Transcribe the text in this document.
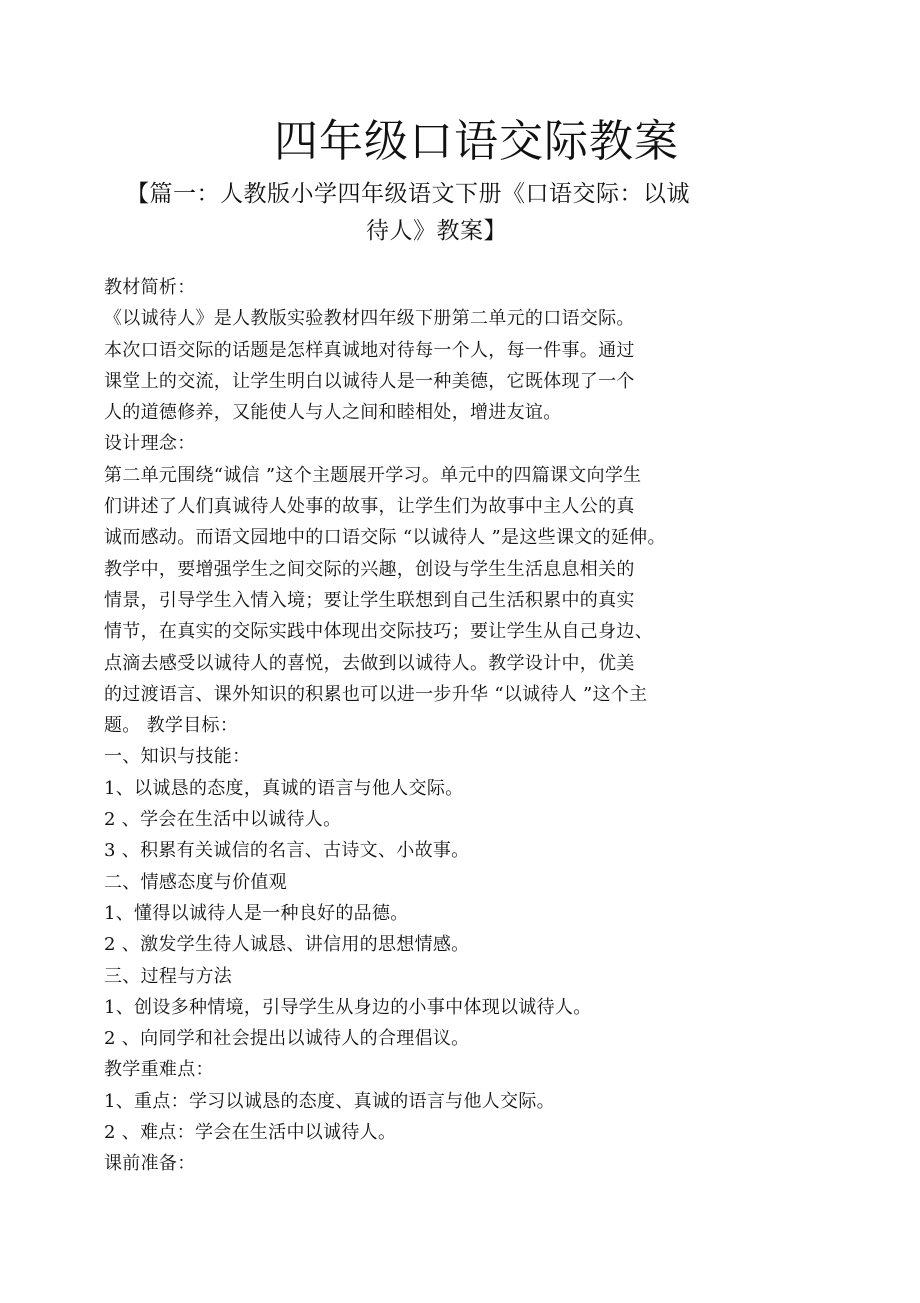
四年级口语交际教案
【篇一：人教版小学四年级语文下册《口语交际：以诚
待人》教案】
教材简析：
《以诚待人》是人教版实验教材四年级下册第二单元的口语交际。
本次口语交际的话题是怎样真诚地对待每一个人，每一件事。通过
课堂上的交流，让学生明白以诚待人是一种美德，它既体现了一个
人的道德修养，又能使人与人之间和睦相处，增进友谊。
设计理念：
第二单元围绕“诚信 ”这个主题展开学习。单元中的四篇课文向学生
们讲述了人们真诚待人处事的故事，让学生们为故事中主人公的真
诚而感动。而语文园地中的口语交际 “以诚待人 ”是这些课文的延伸。
教学中，要增强学生之间交际的兴趣，创设与学生生活息息相关的
情景，引导学生入情入境；要让学生联想到自己生活积累中的真实
情节，在真实的交际实践中体现出交际技巧；要让学生从自己身边、
点滴去感受以诚待人的喜悦，去做到以诚待人。教学设计中，优美
的过渡语言、课外知识的积累也可以进一步升华 “以诚待人 ”这个主
题。 教学目标：
一、知识与技能：
1、以诚恳的态度，真诚的语言与他人交际。
2 、学会在生活中以诚待人。
3 、积累有关诚信的名言、古诗文、小故事。
二、情感态度与价值观
1、懂得以诚待人是一种良好的品德。
2 、激发学生待人诚恳、讲信用的思想情感。
三、过程与方法
1、创设多种情境，引导学生从身边的小事中体现以诚待人。
2 、向同学和社会提出以诚待人的合理倡议。
教学重难点：
1、重点：学习以诚恳的态度、真诚的语言与他人交际。
2 、难点：学会在生活中以诚待人。
课前准备：
